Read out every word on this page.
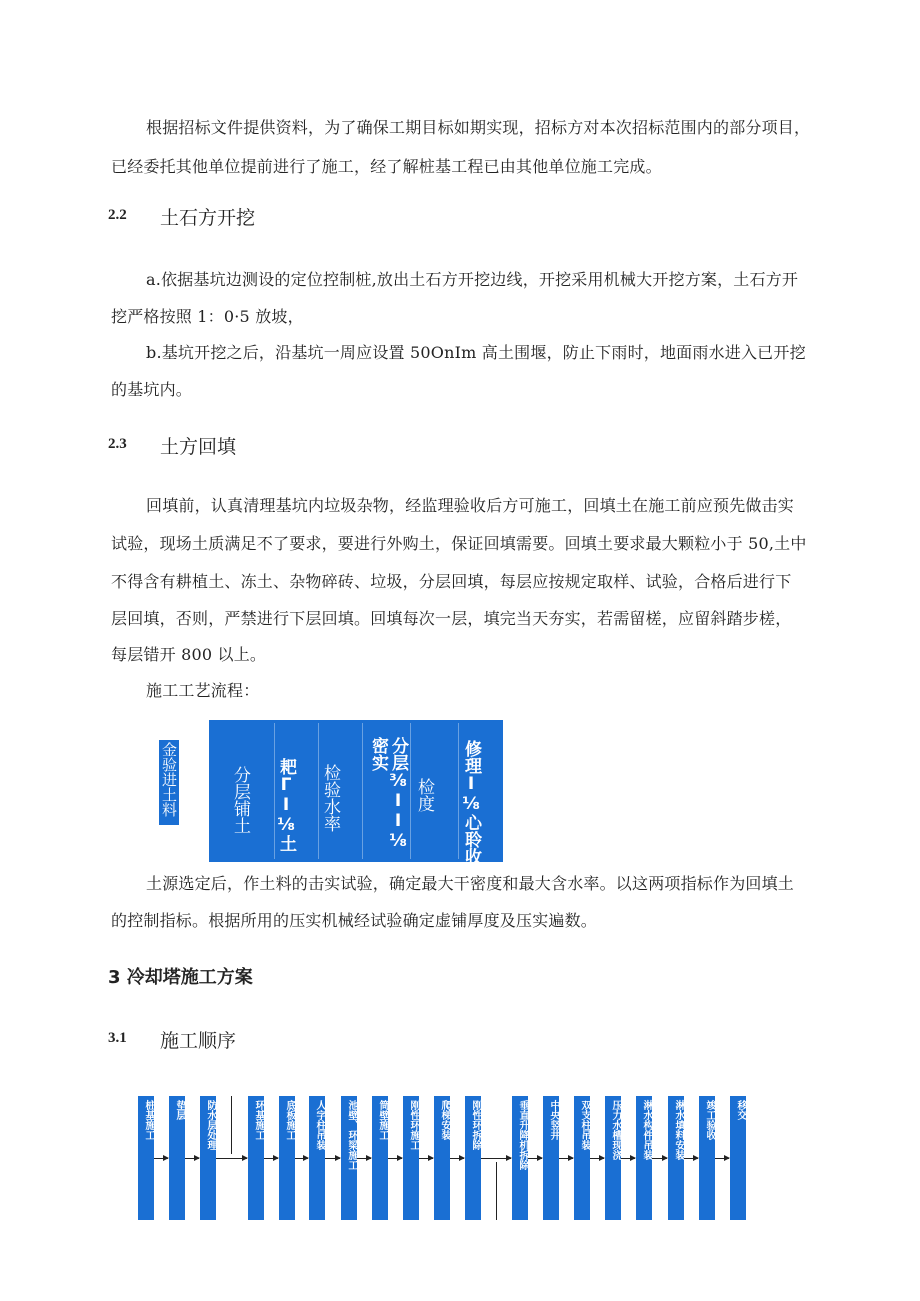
根据招标文件提供资料，为了确保工期目标如期实现，招标方对本次招标范围内的部分项目，
已经委托其他单位提前进行了施工，经了解桩基工程已由其他单位施工完成。
2.2 土石方开挖
a.依据基坑边测设的定位控制桩,放出土石方开挖边线，开挖采用机械大开挖方案，土石方开
挖严格按照 1：0·5 放坡，
b.基坑开挖之后，沿基坑一周应设置 50OnIm 高土围堰，防止下雨时，地面雨水进入已开挖
的基坑内。
2.3 土方回填
回填前，认真清理基坑内垃圾杂物，经监理验收后方可施工，回填土在施工前应预先做击实
试验，现场土质满足不了要求，要进行外购土，保证回填需要。回填土要求最大颗粒小于 50,土中
不得含有耕植土、冻土、杂物碎砖、垃圾，分层回填，每层应按规定取样、试验，合格后进行下
层回填，否则，严禁进行下层回填。回填每次一层，填完当天夯实，若需留槎，应留斜踏步槎，
每层错开 800 以上。
施工工艺流程：
金验进土料	分层铺土 耙ΓI⅛土 检验水率	分层⅜II⅛密实
检度 修理I⅛心聆收
土源选定后，作土料的击实试验，确定最大干密度和最大含水率。以这两项指标作为回填土
的控制指标。根据所用的压实机械经试验确定虚铺厚度及压实遍数。
3 冷却塔施工方案
3.1 施工顺序
桩基施工	垫层	防水层处理	环基施工	底板施工	人字柱吊装	池壁、环梁施工	筒壁施工	刚性环施工	爬梯安装	刚性环拆除	垂直升降机拆除	中央竖井	双支柱吊装	压力水槽现浇	淋水构件吊装	淋水填料安装	竣工验收	移交
